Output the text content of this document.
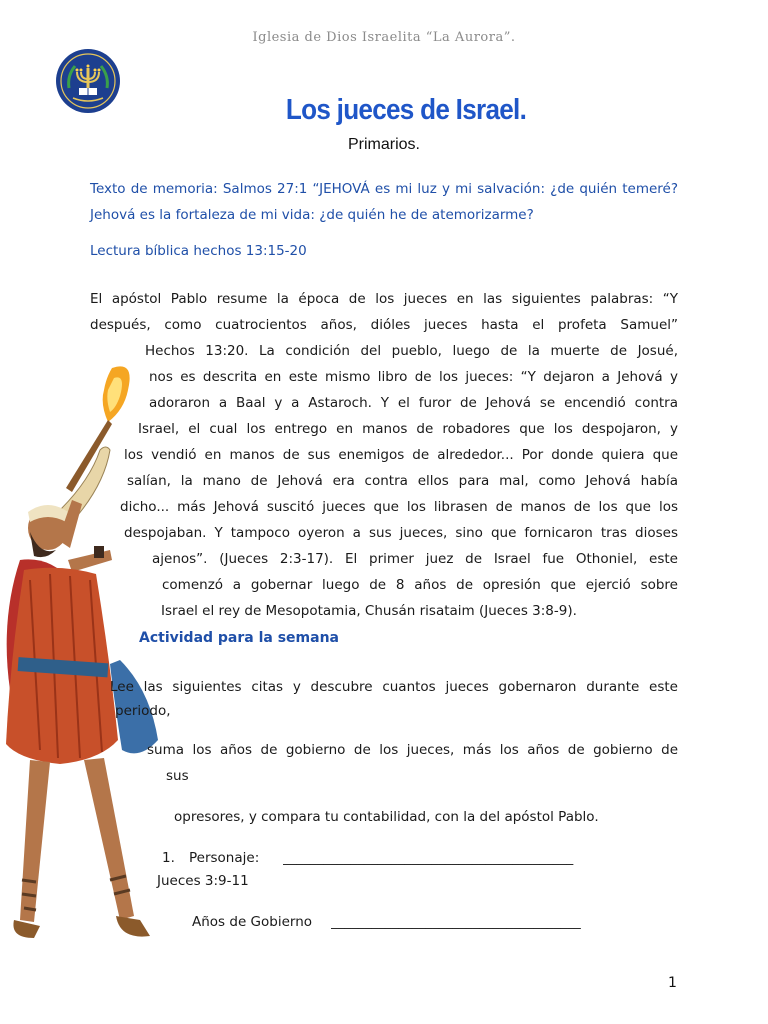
Iglesia de Dios Israelita “La Aurora”.
Los jueces de Israel.
Primarios.
Texto de memoria: Salmos 27:1 “JEHOVÁ es mi luz y mi salvación: ¿de quién temeré? Jehová es la fortaleza de mi vida: ¿de quién he de atemorizarme?
Lectura bíblica hechos 13:15-20
El apóstol Pablo resume la época de los jueces en las siguientes palabras: “Y
después, como cuatrocientos años, dióles jueces hasta el profeta Samuel”
Hechos 13:20. La condición del pueblo, luego de la muerte de Josué,
nos es descrita en este mismo libro de los jueces: “Y dejaron a Jehová y
adoraron a Baal y a Astaroch. Y el furor de Jehová se encendió contra
Israel, el cual los entrego en manos de robadores que los despojaron, y
los vendió en manos de sus enemigos de alrededor... Por donde quiera que
salían, la mano de Jehová era contra ellos para mal, como Jehová había
dicho... más Jehová suscitó jueces que los librasen de manos de los que los
despojaban. Y tampoco oyeron a sus jueces, sino que fornicaron tras dioses
ajenos”. (Jueces 2:3-17). El primer juez de Israel fue Othoniel, este
comenzó a gobernar luego de 8 años de opresión que ejerció sobre
Israel el rey de Mesopotamia, Chusán risataim (Jueces 3:8-9).
Actividad para la semana
Lee las siguientes citas y descubre cuantos jueces gobernaron durante este
periodo,
suma los años de gobierno de los jueces, más los años de gobierno de
sus
opresores, y compara tu contabilidad, con la del apóstol Pablo.
1. Personaje: ___________________________________________
Jueces 3:9-11
Años de Gobierno _____________________________________
1
